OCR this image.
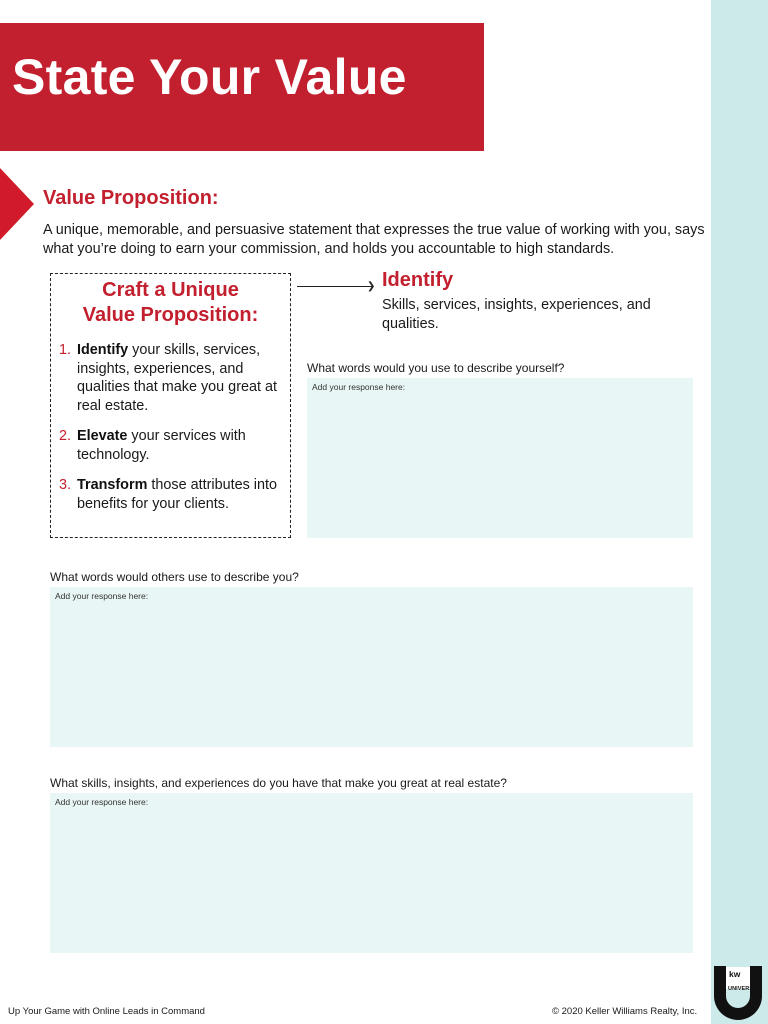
State Your Value
Value Proposition:

A unique, memorable, and persuasive statement that expresses the true value of working with you, says what you’re doing to earn your commission, and holds you accountable to high standards.

Craft a Unique
Value Proposition:
1. Identify your skills, services, insights, experiences, and qualities that make you great at real estate.
2. Elevate your services with technology.
3. Transform those attributes into benefits for your clients.
❯ Identify

Skills, services, insights, experiences, and qualities.

What words would you use to describe yourself?
Add your response here:
What words would others use to describe you?
Add your response here:
What skills, insights, and experiences do you have that make you great at real estate?
Add your response here:
Up Your Game with Online Leads in Command	© 2020 Keller Williams Realty, Inc.
kw
UNIVERSITY
